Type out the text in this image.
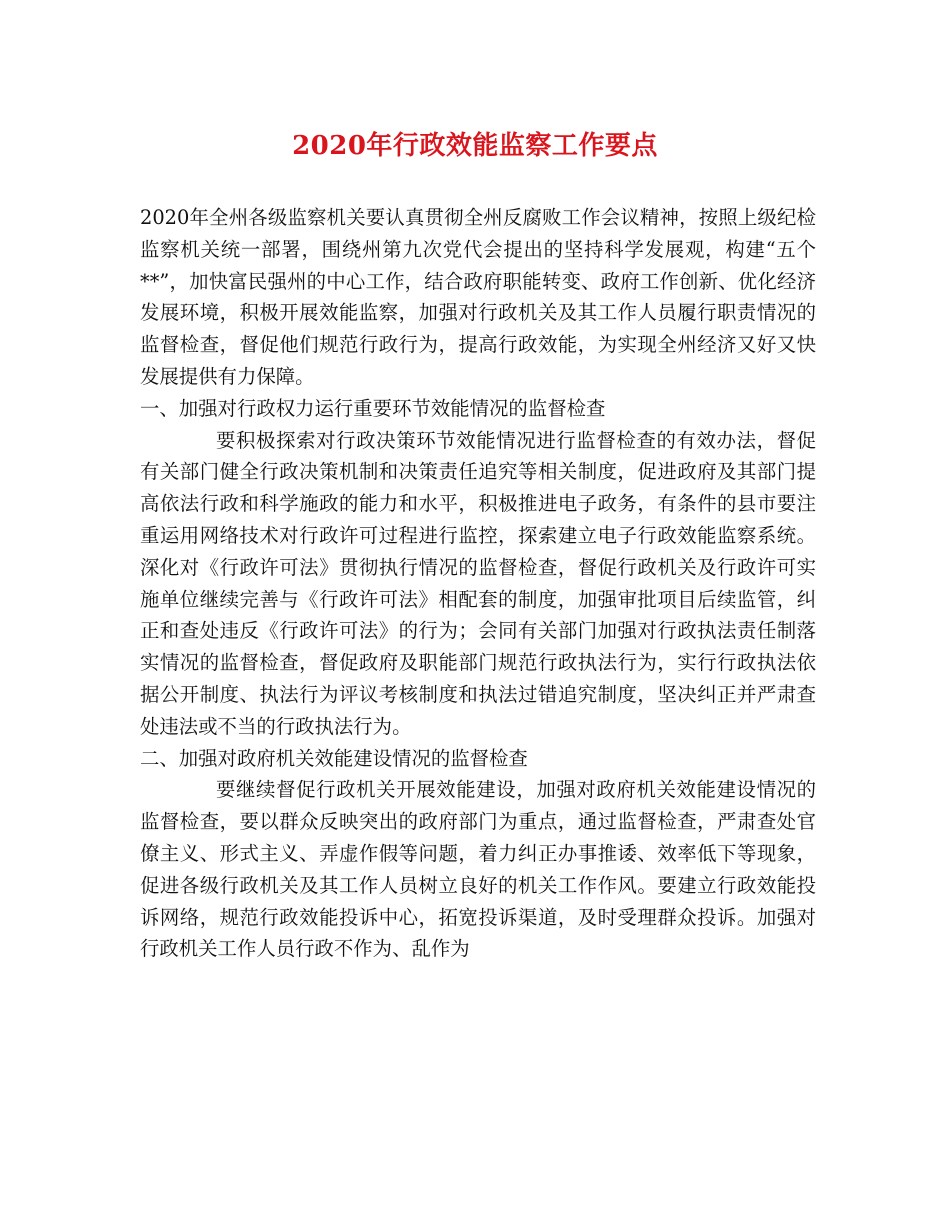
2020年行政效能监察工作要点

2020年全州各级监察机关要认真贯彻全州反腐败工作会议精神，按照上级纪检监察机关统一部署，围绕州第九次党代会提出的坚持科学发展观，构建“五个**”，加快富民强州的中心工作，结合政府职能转变、政府工作创新、优化经济发展环境，积极开展效能监察，加强对行政机关及其工作人员履行职责情况的监督检查，督促他们规范行政行为，提高行政效能，为实现全州经济又好又快发展提供有力保障。

一、加强对行政权力运行重要环节效能情况的监督检查

要积极探索对行政决策环节效能情况进行监督检查的有效办法，督促有关部门健全行政决策机制和决策责任追究等相关制度，促进政府及其部门提高依法行政和科学施政的能力和水平，积极推进电子政务，有条件的县市要注重运用网络技术对行政许可过程进行监控，探索建立电子行政效能监察系统。深化对《行政许可法》贯彻执行情况的监督检查，督促行政机关及行政许可实施单位继续完善与《行政许可法》相配套的制度，加强审批项目后续监管，纠正和查处违反《行政许可法》的行为；会同有关部门加强对行政执法责任制落实情况的监督检查，督促政府及职能部门规范行政执法行为，实行行政执法依据公开制度、执法行为评议考核制度和执法过错追究制度，坚决纠正并严肃查处违法或不当的行政执法行为。

二、加强对政府机关效能建设情况的监督检查

要继续督促行政机关开展效能建设，加强对政府机关效能建设情况的监督检查，要以群众反映突出的政府部门为重点，通过监督检查，严肃查处官僚主义、形式主义、弄虚作假等问题，着力纠正办事推诿、效率低下等现象，促进各级行政机关及其工作人员树立良好的机关工作作风。要建立行政效能投诉网络，规范行政效能投诉中心，拓宽投诉渠道，及时受理群众投诉。加强对行政机关工作人员行政不作为、乱作为
